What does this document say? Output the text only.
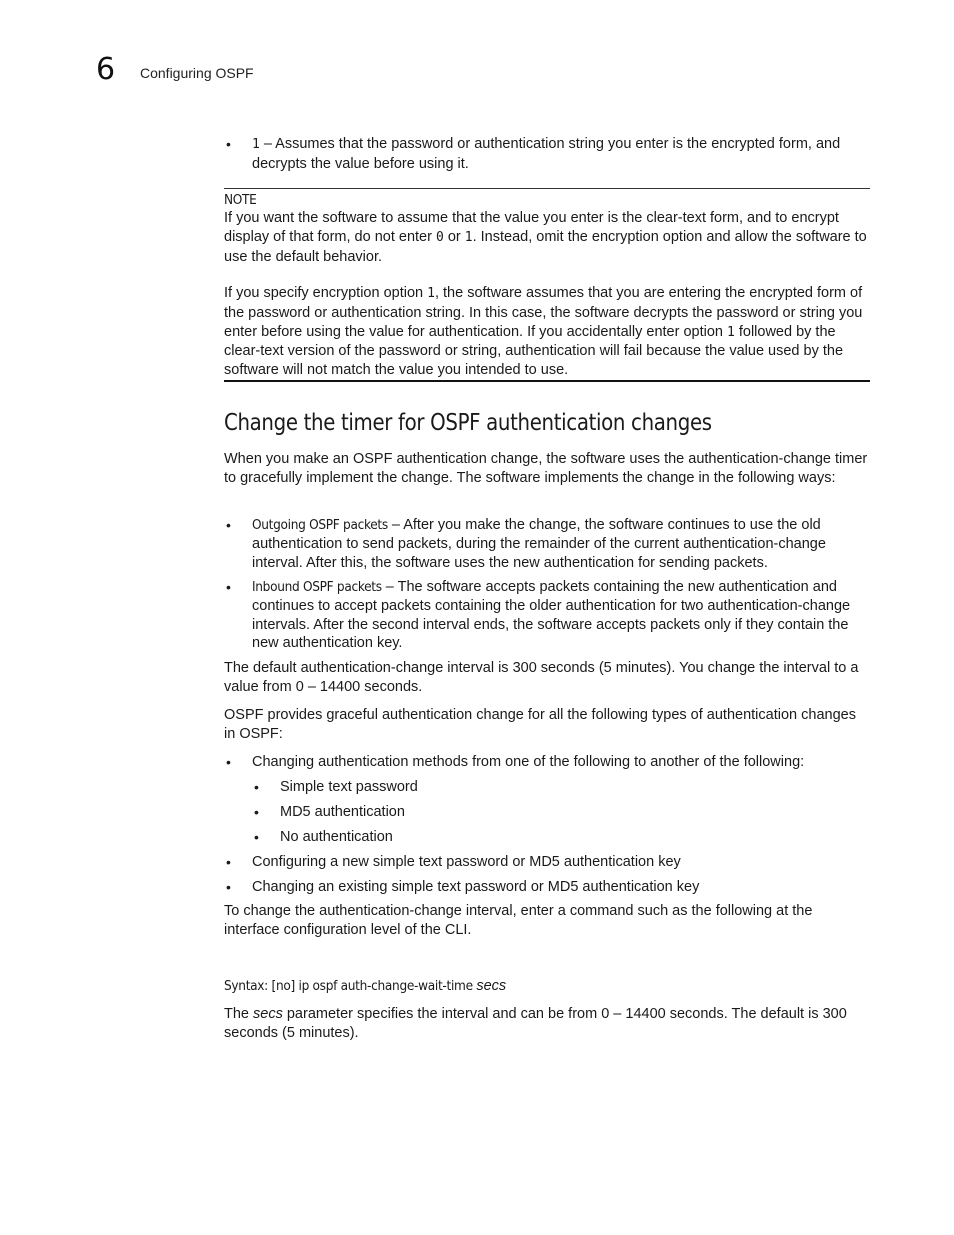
6 Configuring OSPF
• 1 – Assumes that the password or authentication string you enter is the encrypted form, and decrypts the value before using it.
NOTE
If you want the software to assume that the value you enter is the clear-text form, and to encrypt display of that form, do not enter 0 or 1. Instead, omit the encryption option and allow the software to use the default behavior.
If you specify encryption option 1, the software assumes that you are entering the encrypted form of the password or authentication string. In this case, the software decrypts the password or string you enter before using the value for authentication. If you accidentally enter option 1 followed by the clear-text version of the password or string, authentication will fail because the value used by the software will not match the value you intended to use.
Change the timer for OSPF authentication changes
When you make an OSPF authentication change, the software uses the authentication-change timer to gracefully implement the change. The software implements the change in the following ways:
• Outgoing OSPF packets – After you make the change, the software continues to use the old authentication to send packets, during the remainder of the current authentication-change interval. After this, the software uses the new authentication for sending packets.
• Inbound OSPF packets – The software accepts packets containing the new authentication and continues to accept packets containing the older authentication for two authentication-change intervals. After the second interval ends, the software accepts packets only if they contain the new authentication key.
The default authentication-change interval is 300 seconds (5 minutes). You change the interval to a value from 0 – 14400 seconds.
OSPF provides graceful authentication change for all the following types of authentication changes in OSPF:
• Changing authentication methods from one of the following to another of the following:
• Simple text password
• MD5 authentication
• No authentication
• Configuring a new simple text password or MD5 authentication key
• Changing an existing simple text password or MD5 authentication key
To change the authentication-change interval, enter a command such as the following at the interface configuration level of the CLI.
Syntax: [no] ip ospf auth-change-wait-time secs
The secs parameter specifies the interval and can be from 0 – 14400 seconds. The default is 300 seconds (5 minutes).
